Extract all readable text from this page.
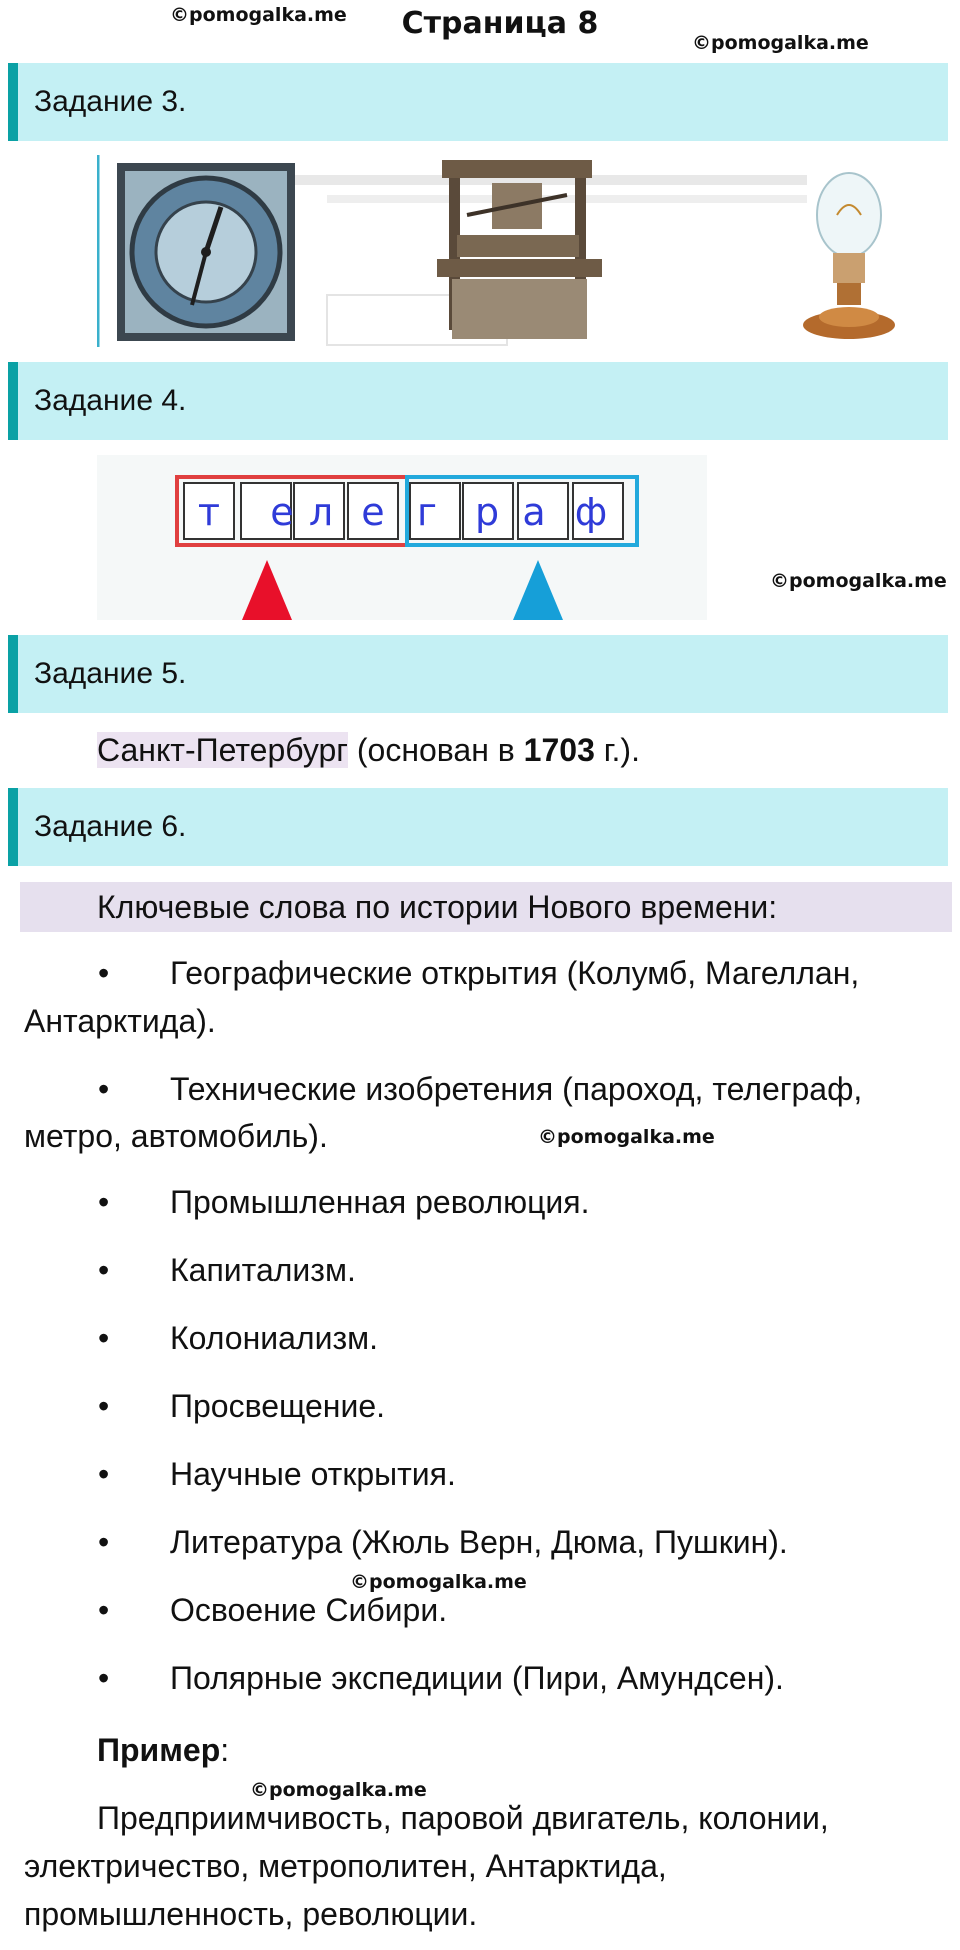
©pomogalka.me	Страница 8
©pomogalka.me
Задание 3.
Задание 4.
т е л е г р а ф
©pomogalka.me
Задание 5.
Санкт-Петербург (основан в 1703 г.).
Задание 6.
Ключевые слова по истории Нового времени:
• Географические открытия (Колумб, Магеллан,
Антарктида).
• Технические изобретения (пароход, телеграф,
метро, автомобиль).	©pomogalka.me
• Промышленная революция.
• Капитализм.
• Колониализм.
• Просвещение.
• Научные открытия.
• Литература (Жюль Верн, Дюма, Пушкин).
©pomogalka.me
• Освоение Сибири.
• Полярные экспедиции (Пири, Амундсен).
Пример:
©pomogalka.me
Предприимчивость, паровой двигатель, колонии,
электричество, метрополитен, Антарктида,
промышленность, революции.
